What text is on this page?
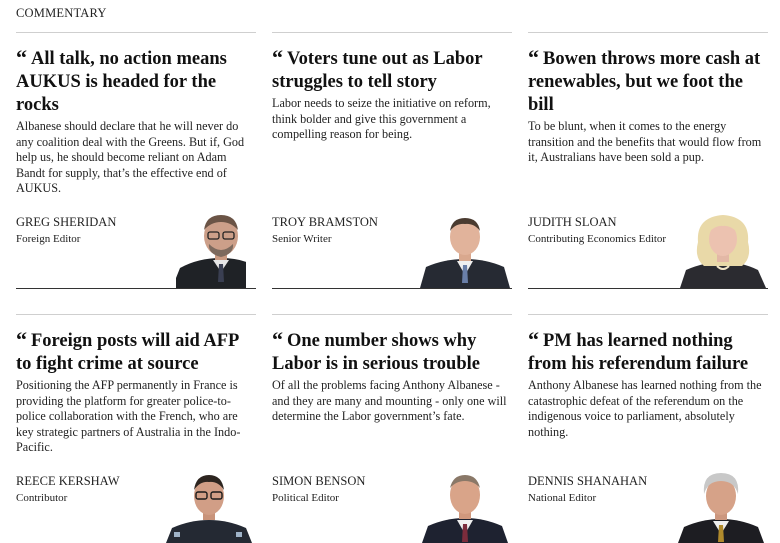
COMMENTARY
“ All talk, no action means AUKUS is headed for the rocks
Albanese should declare that he will never do any coalition deal with the Greens. But if, God help us, he should become reliant on Adam Bandt for supply, that’s the effective end of AUKUS.
GREG SHERIDAN
Foreign Editor
“ Voters tune out as Labor struggles to tell story
Labor needs to seize the initiative on reform, think bolder and give this government a compelling reason for being.
TROY BRAMSTON
Senior Writer
“ Bowen throws more cash at renewables, but we foot the bill
To be blunt, when it comes to the energy transition and the benefits that would flow from it, Australians have been sold a pup.
JUDITH SLOAN
Contributing Economics Editor
“ Foreign posts will aid AFP to fight crime at source
Positioning the AFP permanently in France is providing the platform for greater police-to-police collaboration with the French, who are key strategic partners of Australia in the Indo-Pacific.
REECE KERSHAW
Contributor
“ One number shows why Labor is in serious trouble
Of all the problems facing Anthony Albanese - and they are many and mounting - only one will determine the Labor government’s fate.
SIMON BENSON
Political Editor
“ PM has learned nothing from his referendum failure
Anthony Albanese has learned nothing from the catastrophic defeat of the referendum on the indigenous voice to parliament, absolutely nothing.
DENNIS SHANAHAN
National Editor
